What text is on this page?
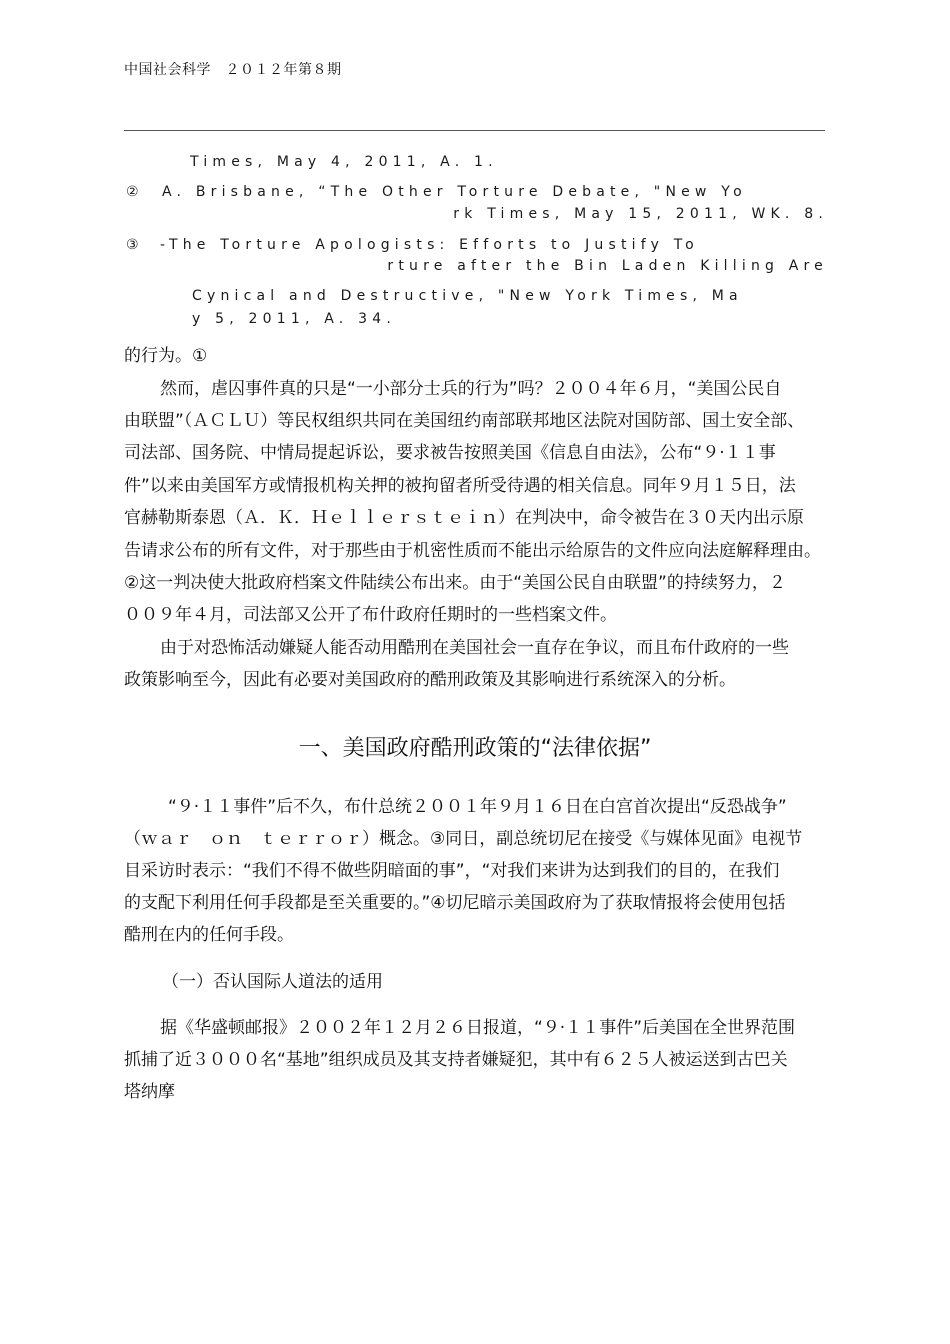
中国社会科学　２０１２年第８期
Times, May 4, 2011, A. 1.
② A. Brisbane, “The Other Torture Debate, "New Yo
rk Times, May 15, 2011, WK. 8.
③ -The Torture Apologists: Efforts to Justify To
rture after the Bin Laden Killing Are
Cynical and Destructive, "New York Times, Ma
y 5, 2011, A. 34.
的行为。①
然而，虐囚事件真的只是“一小部分士兵的行为”吗？２００４年６月，“美国公民自
由联盟”（ＡＣＬＵ）等民权组织共同在美国纽约南部联邦地区法院对国防部、国土安全部、
司法部、国务院、中情局提起诉讼，要求被告按照美国《信息自由法》，公布“９·１１事
件”以来由美国军方或情报机构关押的被拘留者所受待遇的相关信息。同年９月１５日，法
官赫勒斯泰恩（Ａ．Ｋ．Ｈｅｌｌｅｒｓｔｅｉｎ）在判决中，命令被告在３０天内出示原
告请求公布的所有文件，对于那些由于机密性质而不能出示给原告的文件应向法庭解释理由。
②这一判决使大批政府档案文件陆续公布出来。由于“美国公民自由联盟”的持续努力，２
００９年４月，司法部又公开了布什政府任期时的一些档案文件。
由于对恐怖活动嫌疑人能否动用酷刑在美国社会一直存在争议，而且布什政府的一些
政策影响至今，因此有必要对美国政府的酷刑政策及其影响进行系统深入的分析。
一、美国政府酷刑政策的“法律依据”
“９·１１事件”后不久，布什总统２００１年９月１６日在白宫首次提出“反恐战争”
（ｗａｒ　ｏｎ　ｔｅｒｒｏｒ）概念。③同日，副总统切尼在接受《与媒体见面》电视节
目采访时表示：“我们不得不做些阴暗面的事”，“对我们来讲为达到我们的目的，在我们
的支配下利用任何手段都是至关重要的。”④切尼暗示美国政府为了获取情报将会使用包括
酷刑在内的任何手段。
（一）否认国际人道法的适用
据《华盛顿邮报》２００２年１２月２６日报道，“９·１１事件”后美国在全世界范围
抓捕了近３０００名“基地”组织成员及其支持者嫌疑犯，其中有６２５人被运送到古巴关
塔纳摩
